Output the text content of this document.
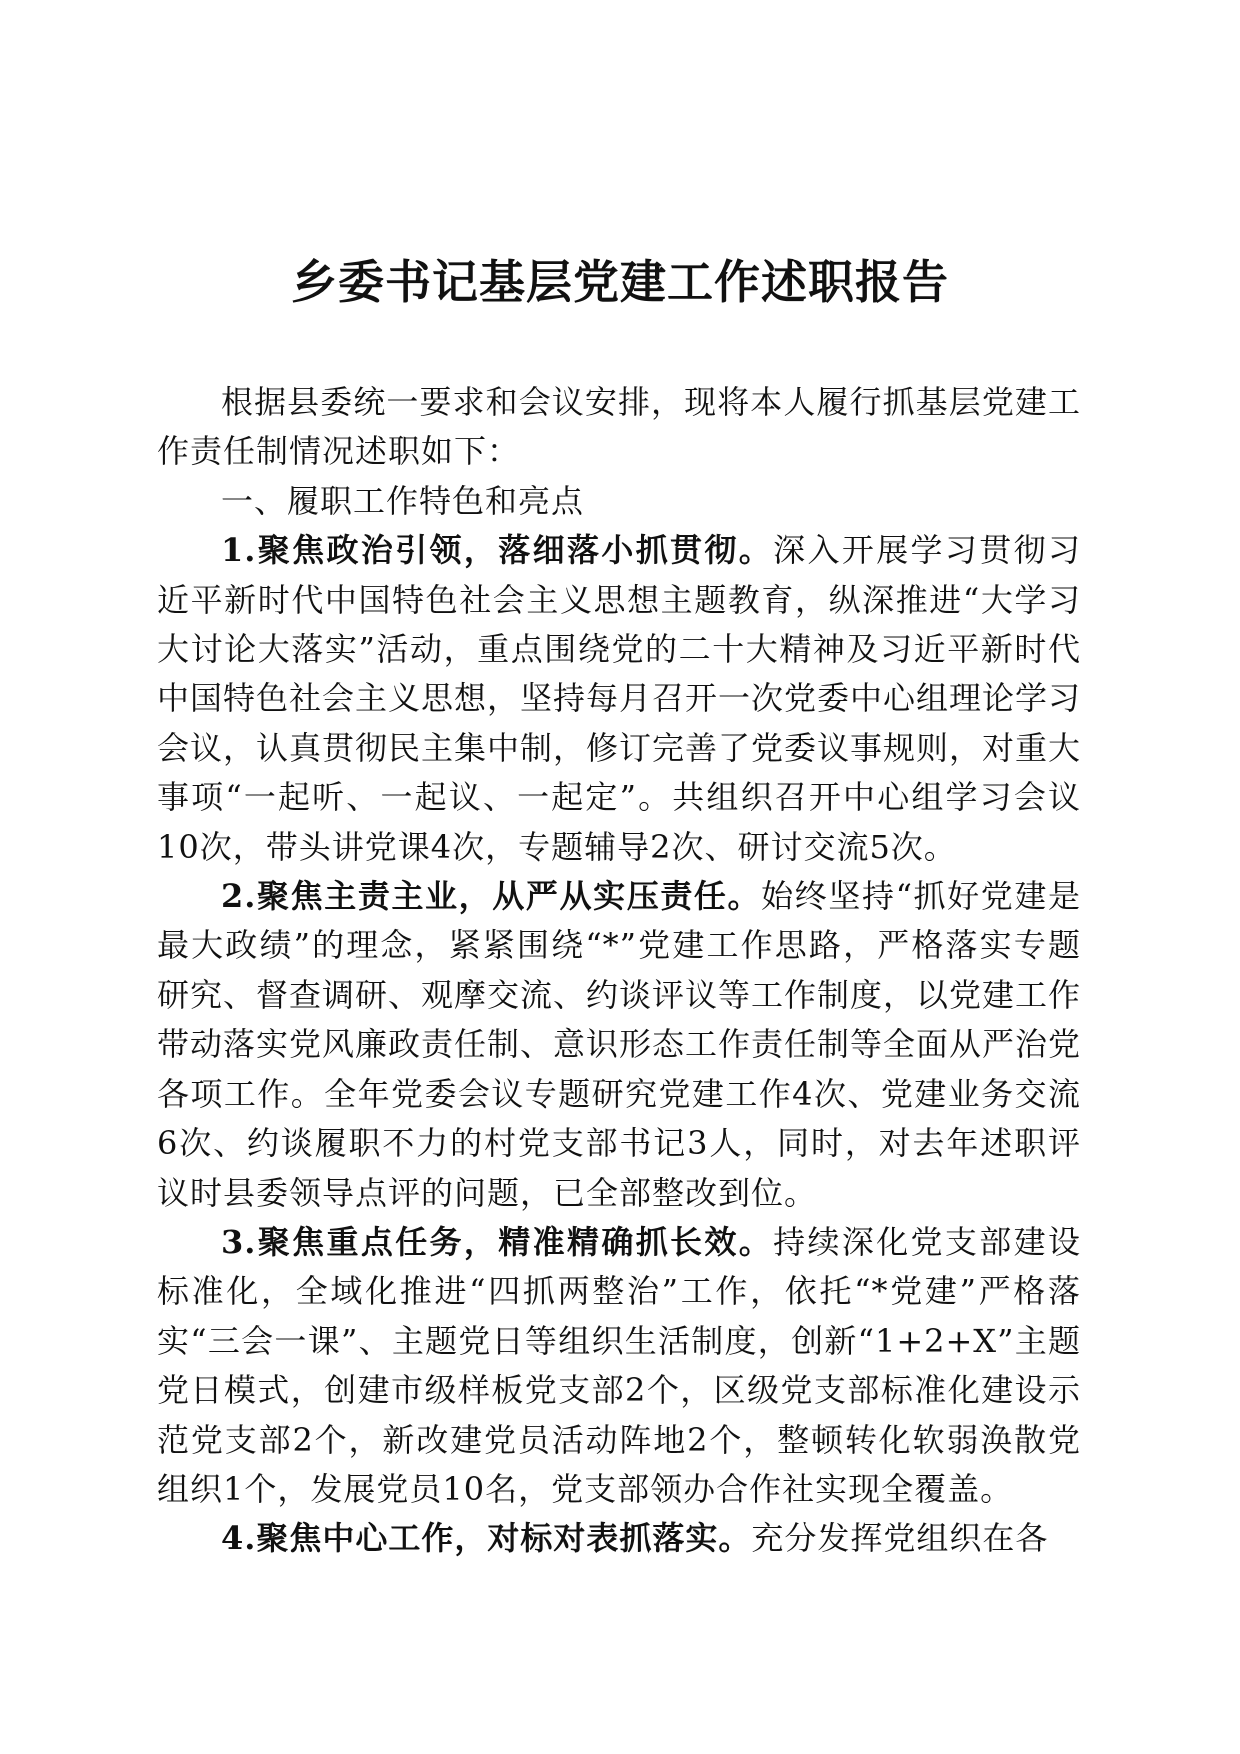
乡委书记基层党建工作述职报告

根据县委统一要求和会议安排，现将本人履行抓基层党建工作责任制情况述职如下：

一、履职工作特色和亮点

1.聚焦政治引领，落细落小抓贯彻。深入开展学习贯彻习近平新时代中国特色社会主义思想主题教育，纵深推进“大学习大讨论大落实”活动，重点围绕党的二十大精神及习近平新时代中国特色社会主义思想，坚持每月召开一次党委中心组理论学习会议，认真贯彻民主集中制，修订完善了党委议事规则，对重大事项“一起听、一起议、一起定”。共组织召开中心组学习会议10次，带头讲党课4次，专题辅导2次、研讨交流5次。

2.聚焦主责主业，从严从实压责任。始终坚持“抓好党建是最大政绩”的理念，紧紧围绕“*”党建工作思路，严格落实专题研究、督查调研、观摩交流、约谈评议等工作制度，以党建工作带动落实党风廉政责任制、意识形态工作责任制等全面从严治党各项工作。全年党委会议专题研究党建工作4次、党建业务交流6次、约谈履职不力的村党支部书记3人，同时，对去年述职评议时县委领导点评的问题，已全部整改到位。

3.聚焦重点任务，精准精确抓长效。持续深化党支部建设标准化，全域化推进“四抓两整治”工作，依托“*党建”严格落实“三会一课”、主题党日等组织生活制度，创新“1+2+X”主题党日模式，创建市级样板党支部2个，区级党支部标准化建设示范党支部2个，新改建党员活动阵地2个，整顿转化软弱涣散党组织1个，发展党员10名，党支部领办合作社实现全覆盖。

4.聚焦中心工作，对标对表抓落实。充分发挥党组织在各
